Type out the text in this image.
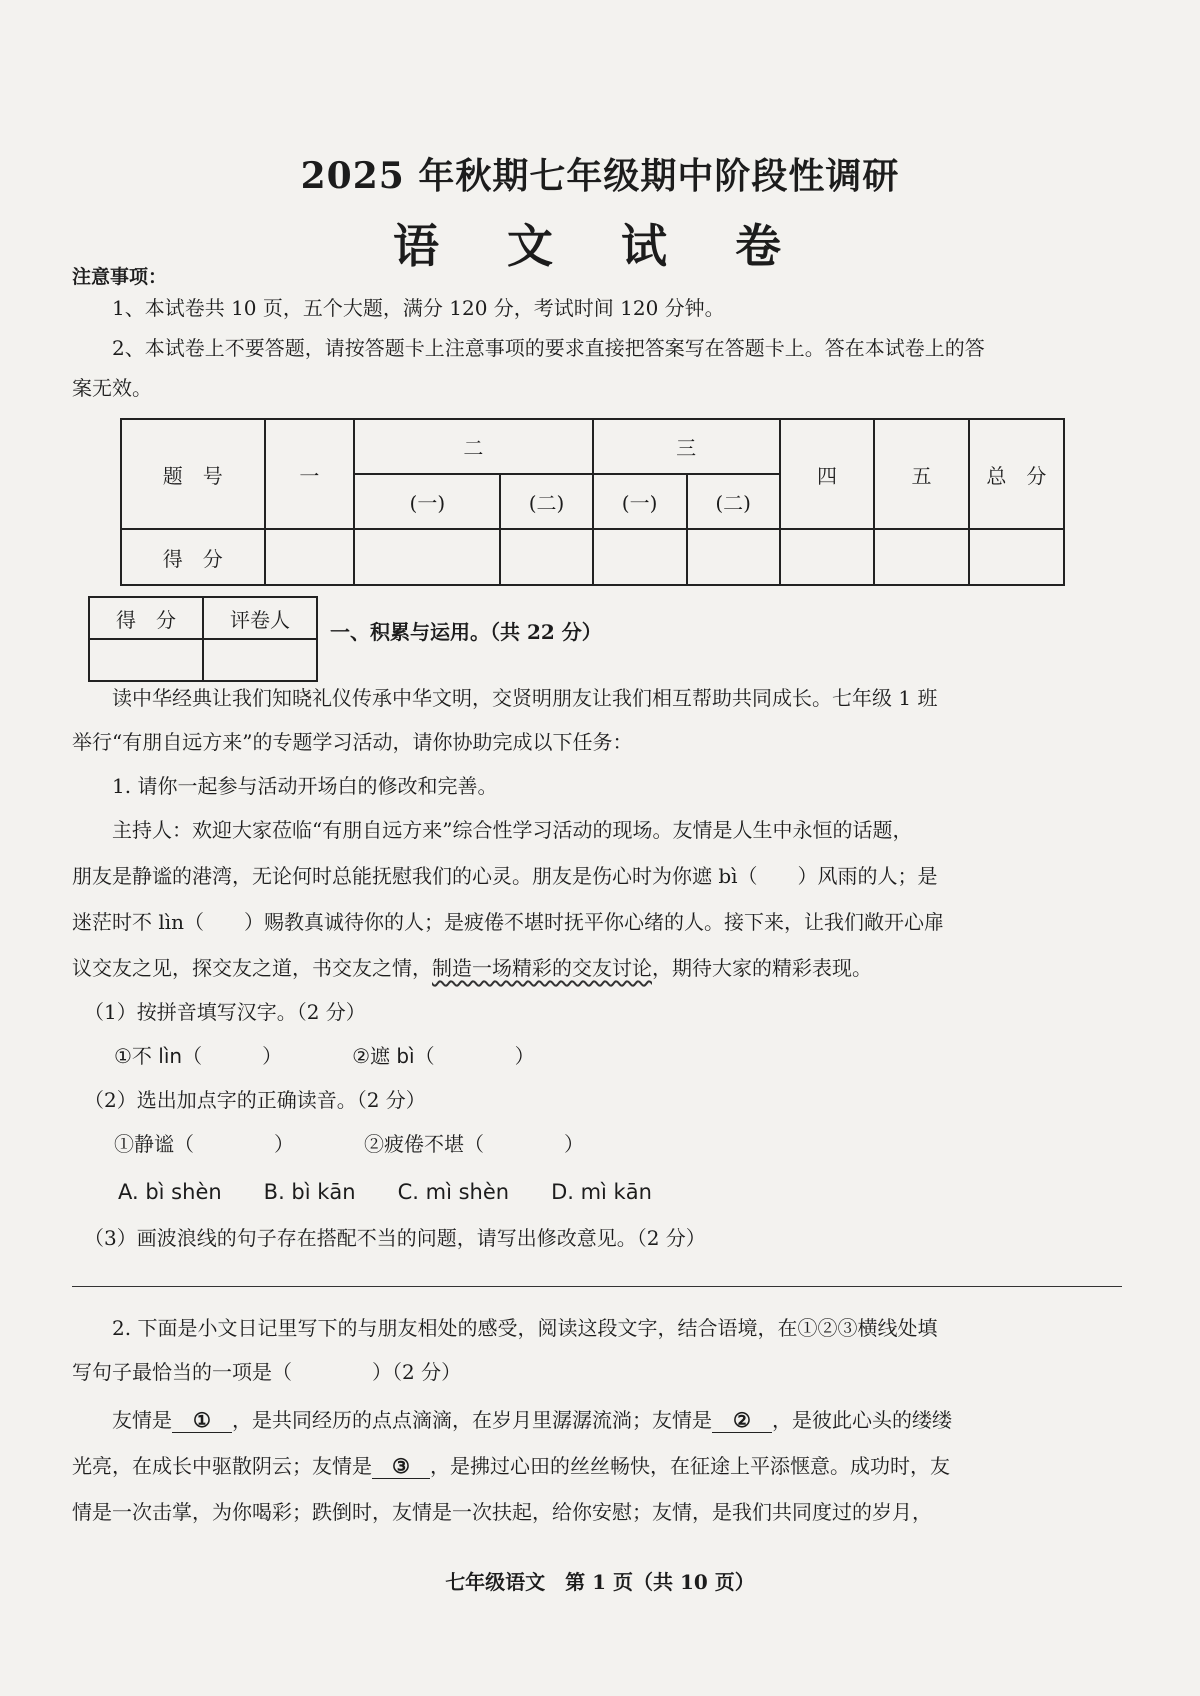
2025 年秋期七年级期中阶段性调研
语 文 试 卷
注意事项：
1、本试卷共 10 页，五个大题，满分 120 分，考试时间 120 分钟。
2、本试卷上不要答题，请按答题卡上注意事项的要求直接把答案写在答题卡上。答在本试卷上的答
案无效。
题　号	一	二		三		四	五	总　分
		(一)	(二)	(一)	(二)			
得　分								
得　分	评卷人

一、积累与运用。（共 22 分）
读中华经典让我们知晓礼仪传承中华文明，交贤明朋友让我们相互帮助共同成长。七年级 1 班
举行“有朋自远方来”的专题学习活动，请你协助完成以下任务：
1. 请你一起参与活动开场白的修改和完善。
主持人：欢迎大家莅临“有朋自远方来”综合性学习活动的现场。友情是人生中永恒的话题，
朋友是静谧的港湾，无论何时总能抚慰我们的心灵。朋友是伤心时为你遮 bì（　　）风雨的人；是
迷茫时不 lìn（　　）赐教真诚待你的人；是疲倦不堪时抚平你心绪的人。接下来，让我们敞开心扉
议交友之见，探交友之道，书交友之情，制造一场精彩的交友讨论，期待大家的精彩表现。
（1）按拼音填写汉字。（2 分）
①不 lìn（　　　）　　　　②遮 bì（　　　　）
（2）选出加点字的正确读音。（2 分）
①静谧（　　　　）　　　　②疲倦不堪（　　　　）
A. bì shèn　　B. bì kān　　C. mì shèn　　D. mì kān
（3）画波浪线的句子存在搭配不当的问题，请写出修改意见。（2 分）
2. 下面是小文日记里写下的与朋友相处的感受，阅读这段文字，结合语境，在①②③横线处填
写句子最恰当的一项是（　　　　）（2 分）
友情是 ① ，是共同经历的点点滴滴，在岁月里潺潺流淌；友情是 ② ，是彼此心头的缕缕
光亮，在成长中驱散阴云；友情是 ③ ，是拂过心田的丝丝畅快，在征途上平添惬意。成功时，友
情是一次击掌，为你喝彩；跌倒时，友情是一次扶起，给你安慰；友情，是我们共同度过的岁月，
七年级语文　第 1 页（共 10 页）
